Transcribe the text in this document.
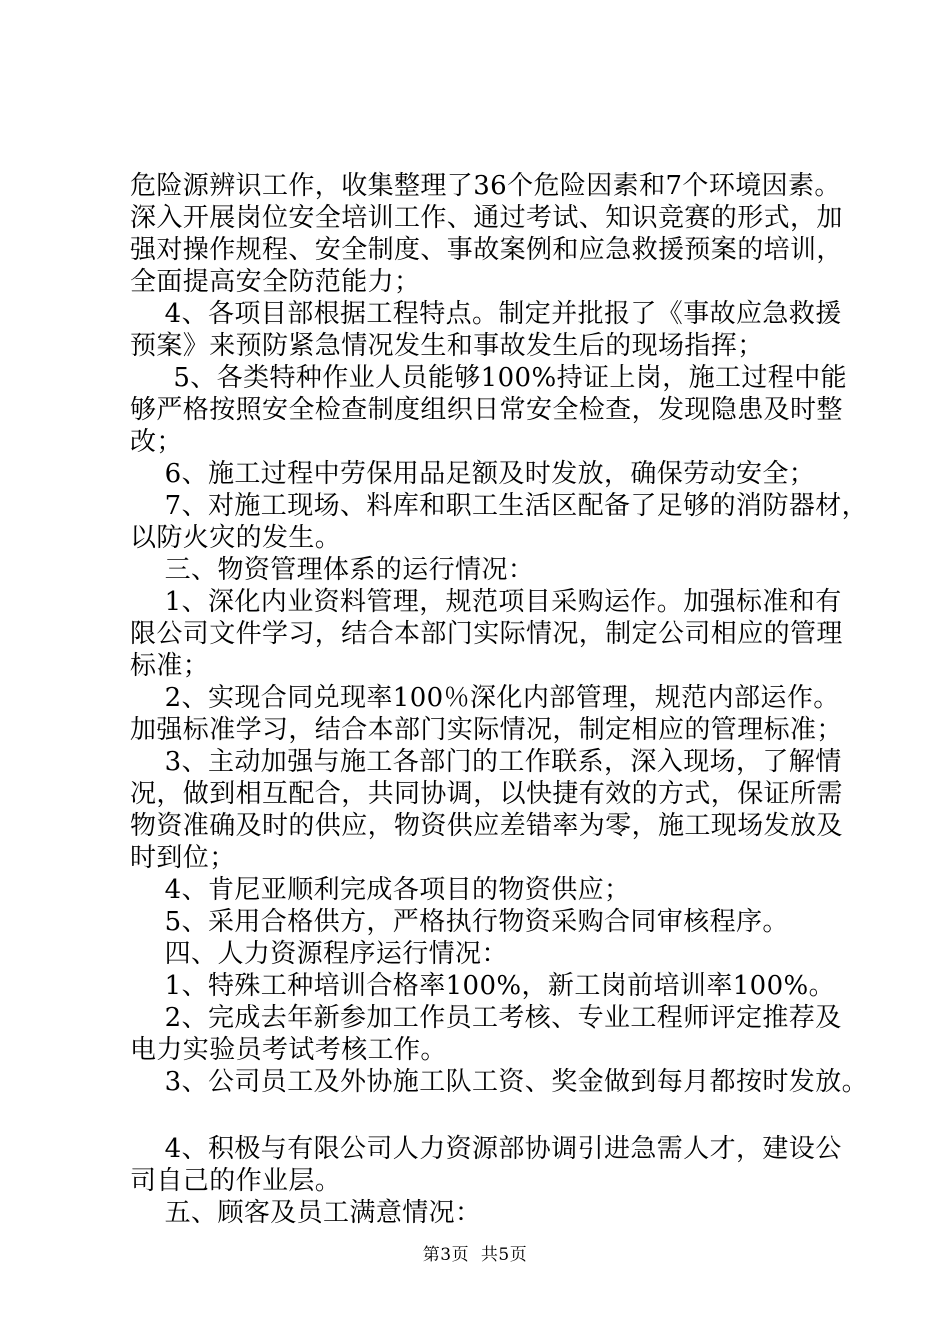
危险源辨识工作，收集整理了36个危险因素和7个环境因素。
深入开展岗位安全培训工作、通过考试、知识竞赛的形式，加
强对操作规程、安全制度、事故案例和应急救援预案的培训，
全面提高安全防范能力；
4、各项目部根据工程特点。制定并批报了《事故应急救援
预案》来预防紧急情况发生和事故发生后的现场指挥；
5、各类特种作业人员能够100%持证上岗，施工过程中能
够严格按照安全检查制度组织日常安全检查，发现隐患及时整
改；
6、施工过程中劳保用品足额及时发放，确保劳动安全；
7、对施工现场、料库和职工生活区配备了足够的消防器材，
以防火灾的发生。
三、物资管理体系的运行情况：
1、深化内业资料管理，规范项目采购运作。加强标准和有
限公司文件学习，结合本部门实际情况，制定公司相应的管理
标准；
2、实现合同兑现率100％深化内部管理，规范内部运作。
加强标准学习，结合本部门实际情况，制定相应的管理标准；
3、主动加强与施工各部门的工作联系，深入现场，了解情
况，做到相互配合，共同协调，以快捷有效的方式，保证所需
物资准确及时的供应，物资供应差错率为零，施工现场发放及
时到位；
4、肯尼亚顺利完成各项目的物资供应；
5、采用合格供方，严格执行物资采购合同审核程序。
四、人力资源程序运行情况：
1、特殊工种培训合格率100%，新工岗前培训率100%。
2、完成去年新参加工作员工考核、专业工程师评定推荐及
电力实验员考试考核工作。
3、公司员工及外协施工队工资、奖金做到每月都按时发放。
4、积极与有限公司人力资源部协调引进急需人才，建设公
司自己的作业层。
五、顾客及员工满意情况：
第3页  共5页
